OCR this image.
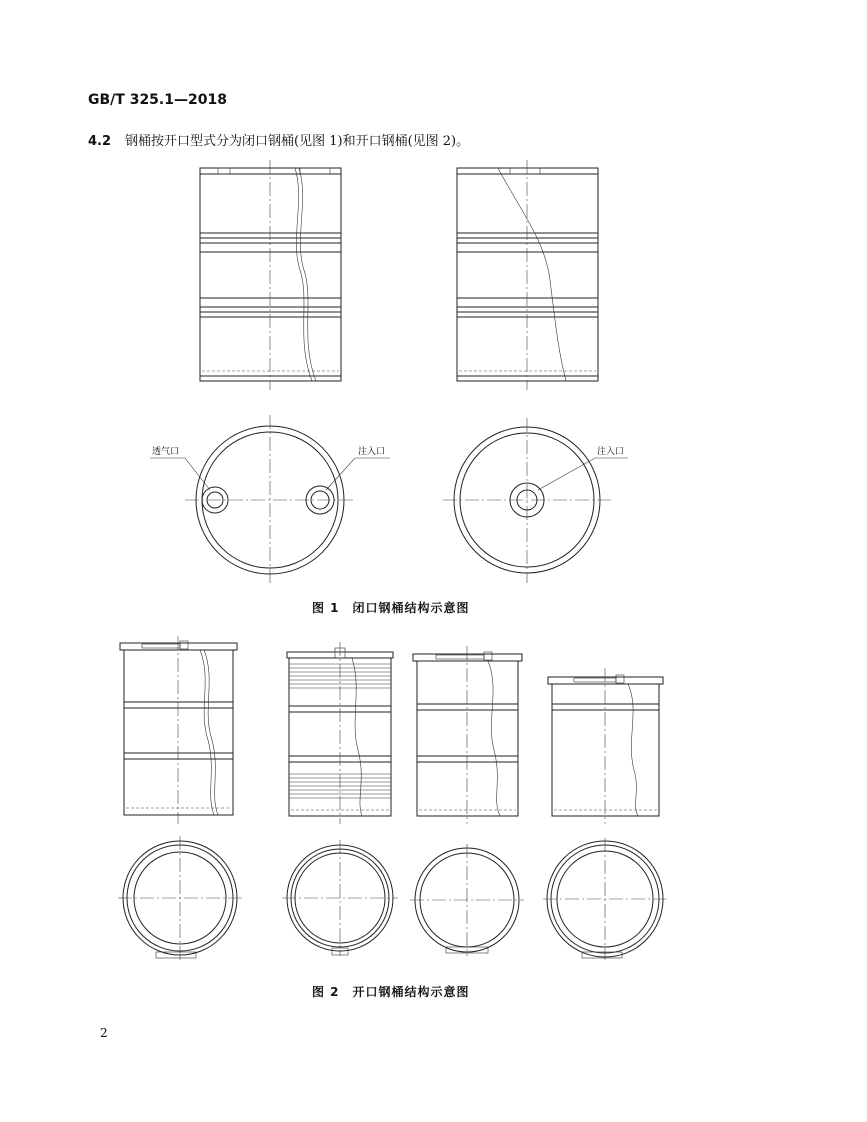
GB/T 325.1—2018
4.2 钢桶按开口型式分为闭口钢桶(见图 1)和开口钢桶(见图 2)。
透气口	注入口	注入口
图 1　闭口钢桶结构示意图
图 2　开口钢桶结构示意图
2
